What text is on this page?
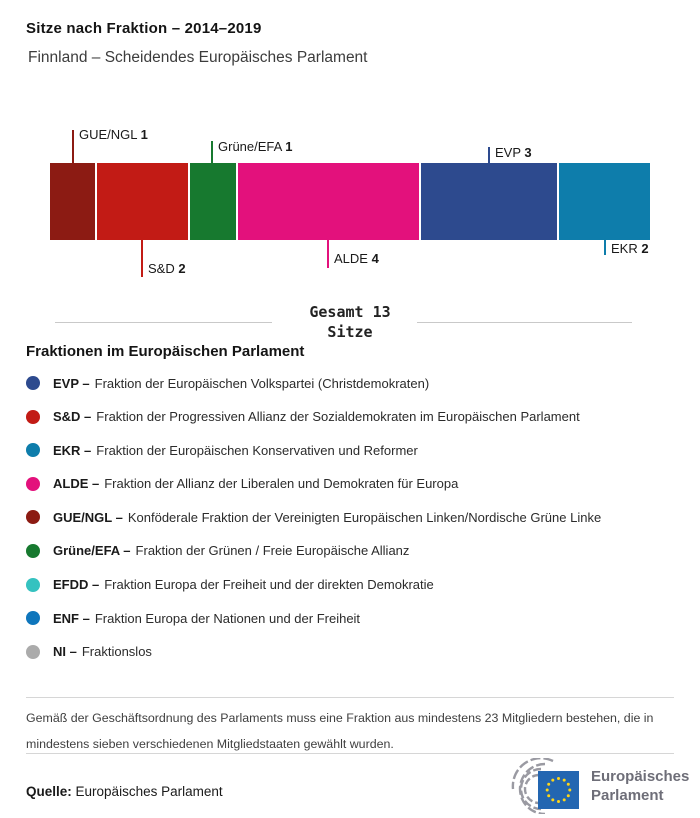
Sitze nach Fraktion – 2014–2019
Finnland – Scheidendes Europäisches Parlament
GUE/NGL 1
Grüne/EFA 1	EVP 3
S&D 2
ALDE 4
EKR 2
Gesamt 13
Sitze
Fraktionen im Europäischen Parlament
EVP – Fraktion der Europäischen Volkspartei (Christdemokraten)
S&D – Fraktion der Progressiven Allianz der Sozialdemokraten im Europäischen Parlament
EKR – Fraktion der Europäischen Konservativen und Reformer
ALDE – Fraktion der Allianz der Liberalen und Demokraten für Europa
GUE/NGL – Konföderale Fraktion der Vereinigten Europäischen Linken/Nordische Grüne Linke
Grüne/EFA – Fraktion der Grünen / Freie Europäische Allianz
EFDD – Fraktion Europa der Freiheit und der direkten Demokratie
ENF – Fraktion Europa der Nationen und der Freiheit
NI – Fraktionslos
Gemäß der Geschäftsordnung des Parlaments muss eine Fraktion aus mindestens 23 Mitgliedern bestehen, die in mindestens sieben verschiedenen Mitgliedstaaten gewählt wurden.
Quelle: Europäisches Parlament
Europäisches
Parlament
